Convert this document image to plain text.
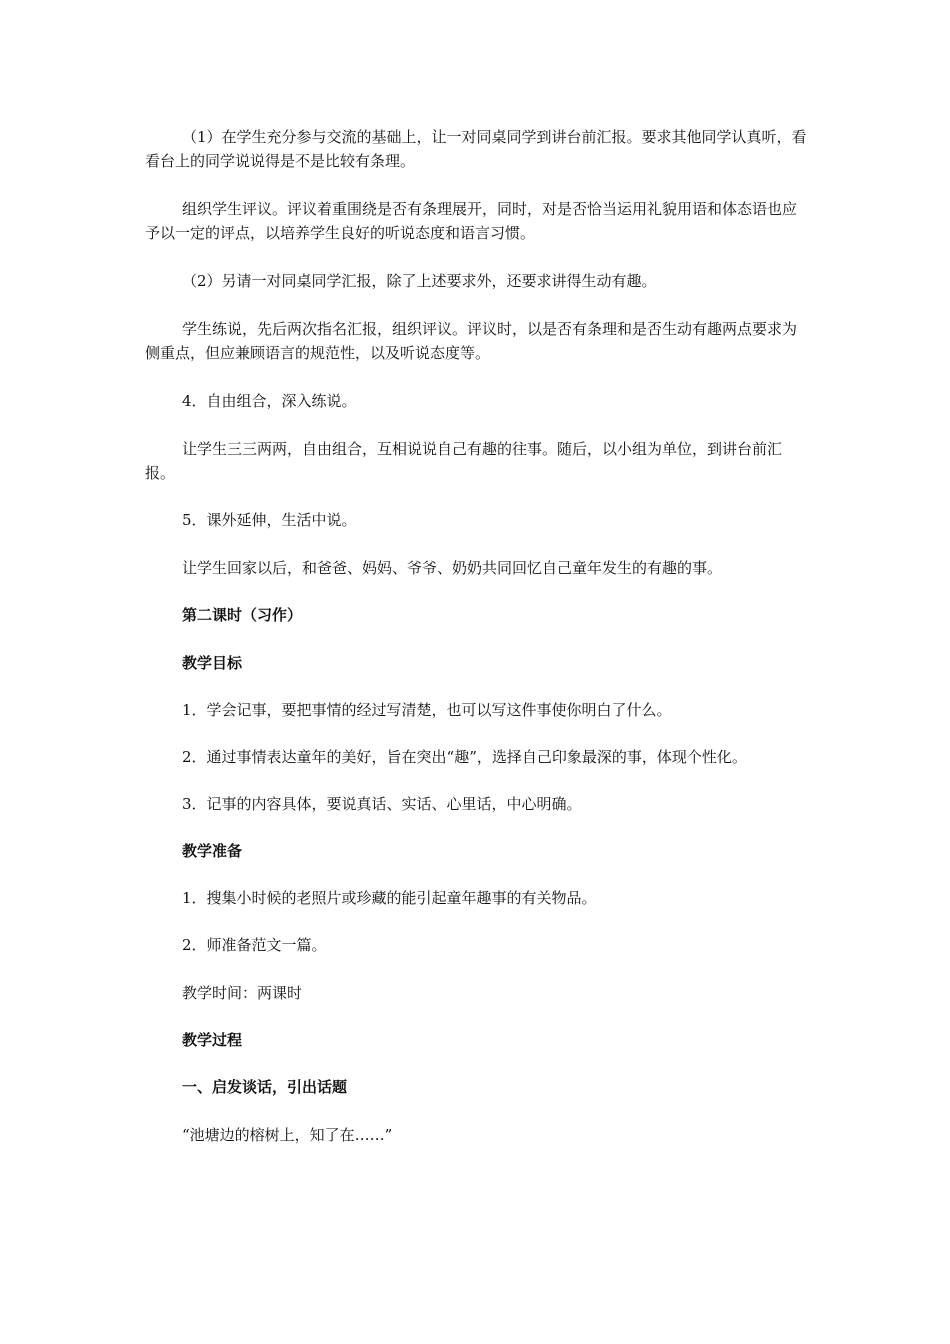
（1）在学生充分参与交流的基础上，让一对同桌同学到讲台前汇报。要求其他同学认真听，看看台上的同学说说得是不是比较有条理。
组织学生评议。评议着重围绕是否有条理展开，同时，对是否恰当运用礼貌用语和体态语也应予以一定的评点，以培养学生良好的听说态度和语言习惯。
（2）另请一对同桌同学汇报，除了上述要求外，还要求讲得生动有趣。
学生练说，先后两次指名汇报，组织评议。评议时，以是否有条理和是否生动有趣两点要求为侧重点，但应兼顾语言的规范性，以及听说态度等。
4．自由组合，深入练说。
让学生三三两两，自由组合，互相说说自己有趣的往事。随后，以小组为单位，到讲台前汇报。
5．课外延伸，生活中说。
让学生回家以后，和爸爸、妈妈、爷爷、奶奶共同回忆自己童年发生的有趣的事。
第二课时（习作）
教学目标
1．学会记事，要把事情的经过写清楚，也可以写这件事使你明白了什么。
2．通过事情表达童年的美好，旨在突出“趣”，选择自己印象最深的事，体现个性化。
3．记事的内容具体，要说真话、实话、心里话，中心明确。
教学准备
1．搜集小时候的老照片或珍藏的能引起童年趣事的有关物品。
2．师准备范文一篇。
教学时间：两课时
教学过程
一、启发谈话，引出话题
“池塘边的榕树上，知了在……”
